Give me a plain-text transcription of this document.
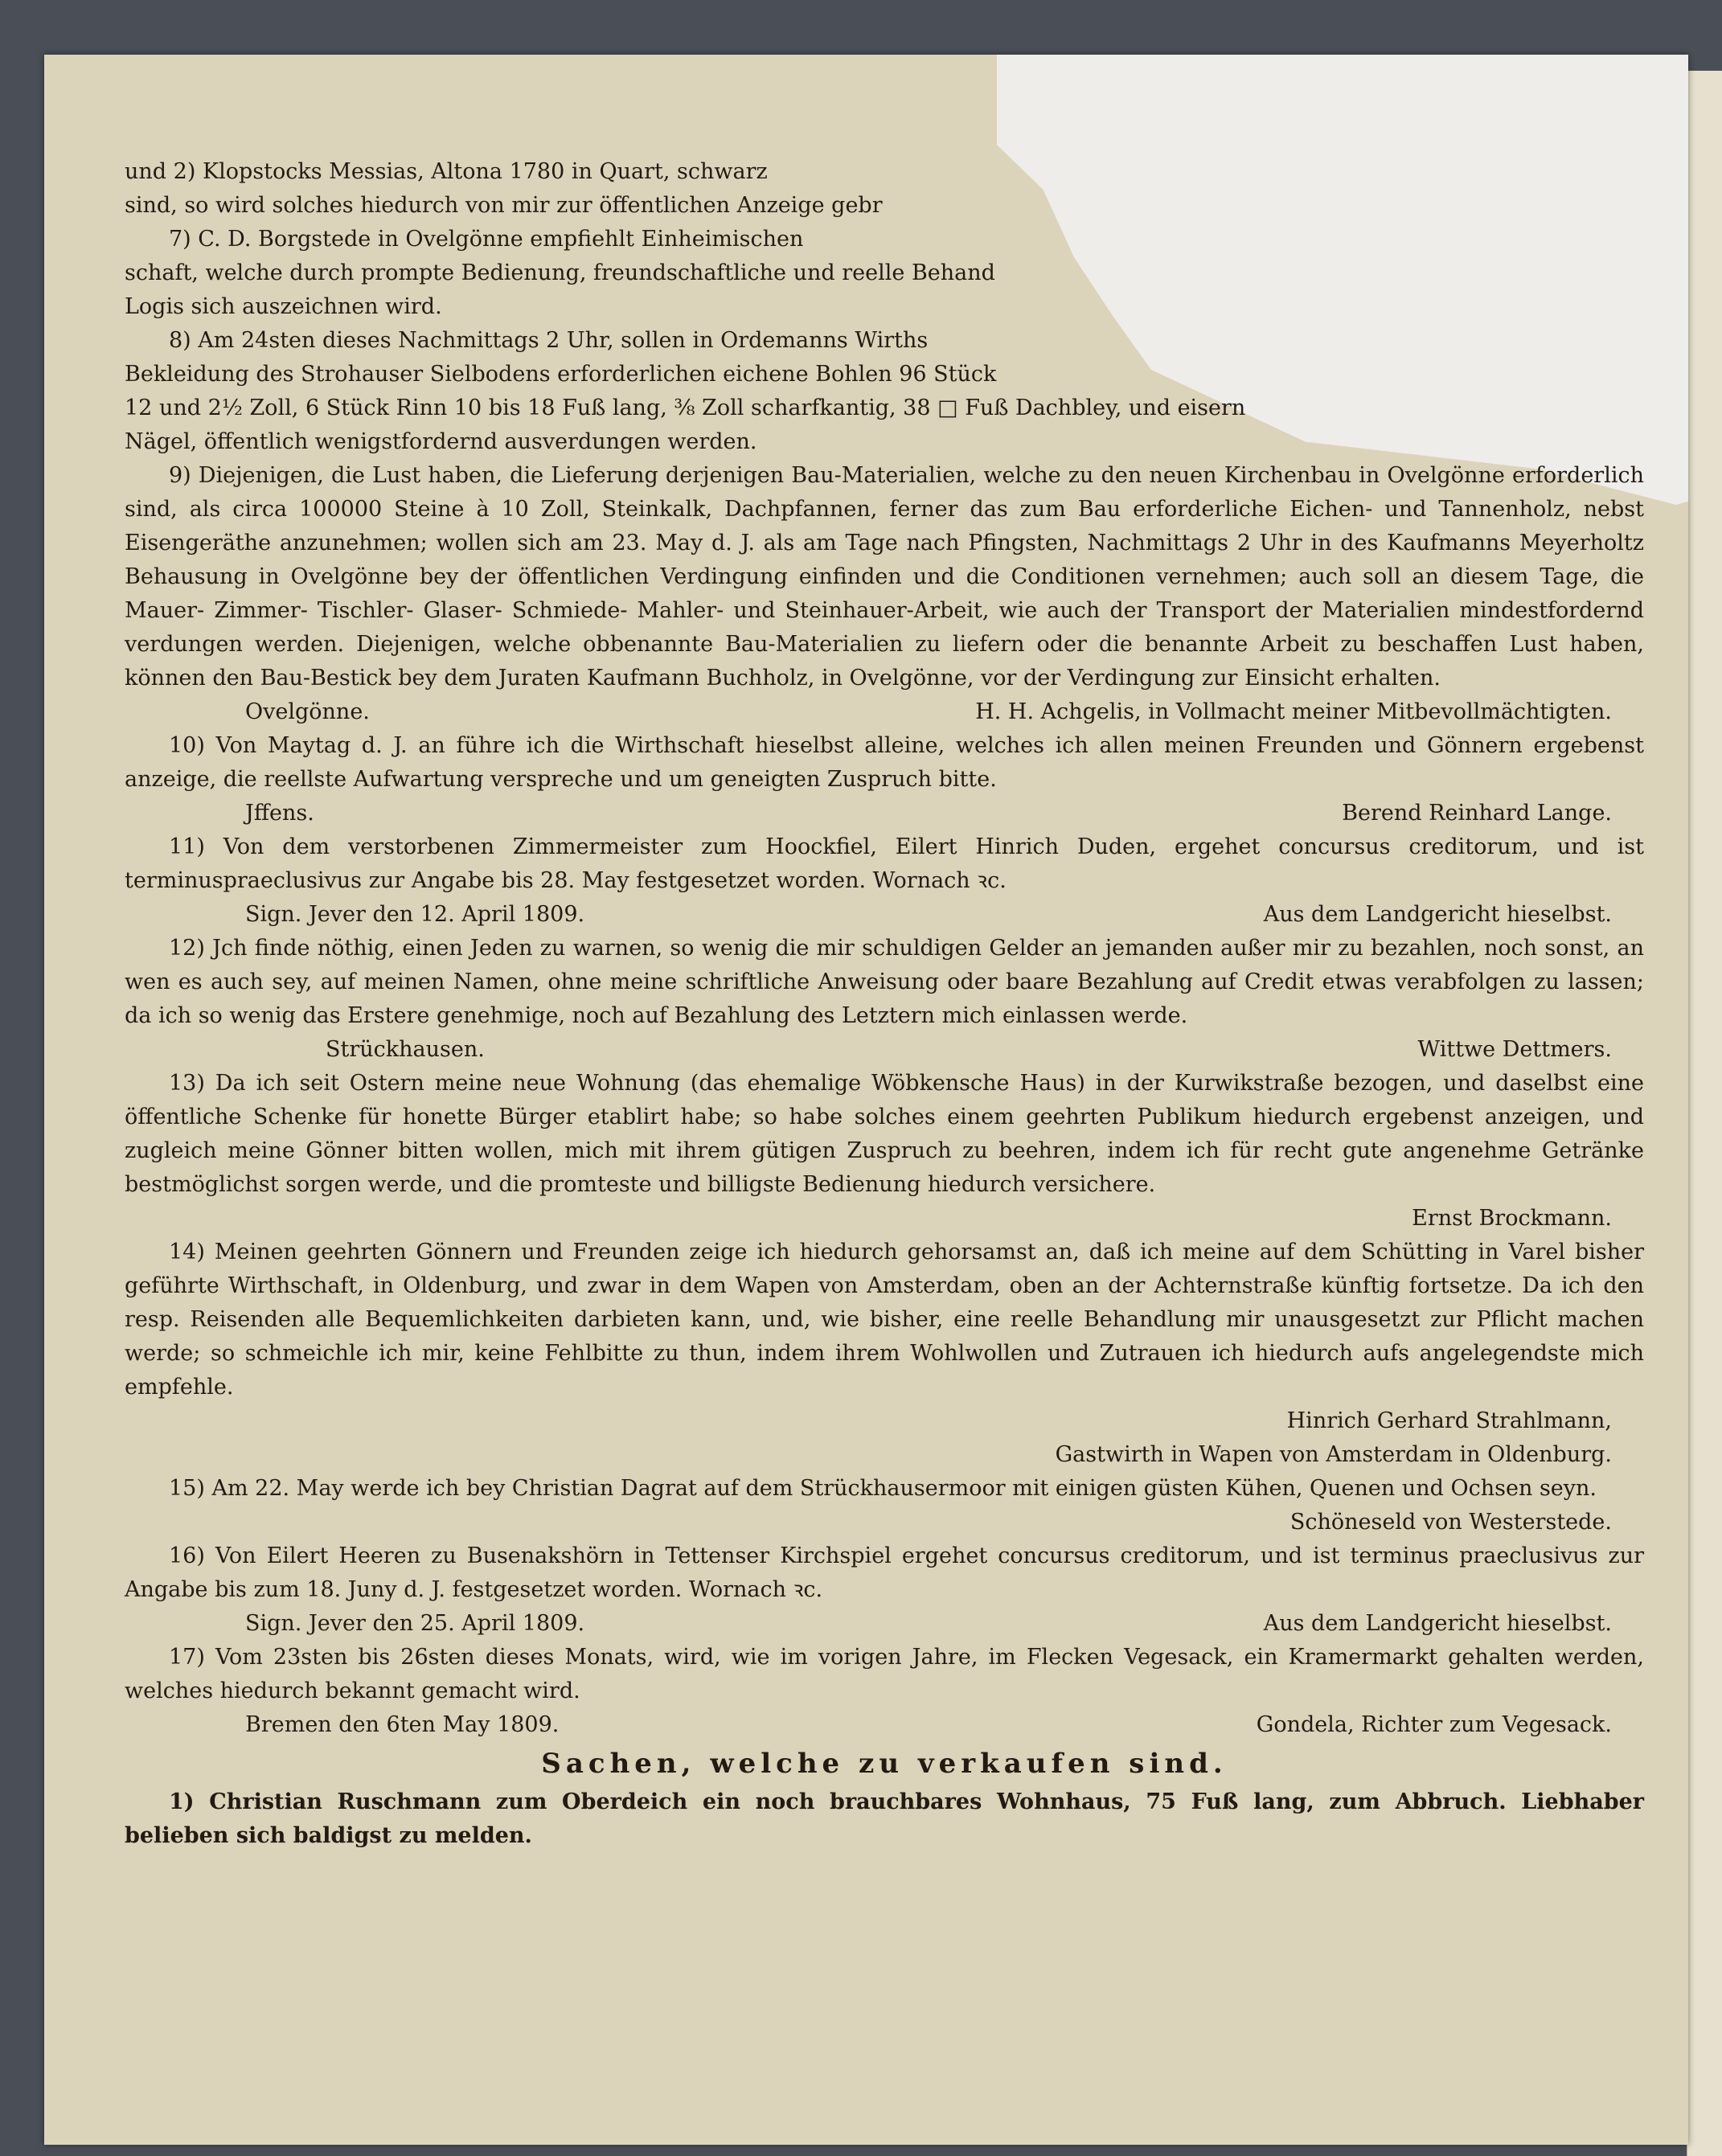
und 2) Klopstocks Messias, Altona 1780 in Quart, schwarz

sind, so wird solches hiedurch von mir zur öffentlichen Anzeige gebr

7) C. D. Borgstede in Ovelgönne empfiehlt Einheimischen

schaft, welche durch prompte Bedienung, freundschaftliche und reelle Behand

Logis sich auszeichnen wird.

8) Am 24sten dieses Nachmittags 2 Uhr, sollen in Ordemanns Wirths

Bekleidung des Strohauser Sielbodens erforderlichen eichene Bohlen 96 Stück

12 und 2½ Zoll, 6 Stück Rinn 10 bis 18 Fuß lang, ⅜ Zoll scharfkantig, 38 □ Fuß Dachbley, und eisern

Nägel, öffentlich wenigstfordernd ausverdungen werden.

9) Diejenigen, die Lust haben, die Lieferung derjenigen Bau-Materialien, welche zu den neuen Kirchenbau in Ovelgönne erforderlich sind, als circa 100000 Steine à 10 Zoll, Steinkalk, Dachpfannen, ferner das zum Bau erforderliche Eichen- und Tannenholz, nebst Eisengeräthe anzunehmen; wollen sich am 23. May d. J. als am Tage nach Pfingsten, Nachmittags 2 Uhr in des Kaufmanns Meyerholtz Behausung in Ovelgönne bey der öffentlichen Verdingung einfinden und die Conditionen vernehmen; auch soll an diesem Tage, die Mauer- Zimmer- Tischler- Glaser- Schmiede- Mahler- und Steinhauer-Arbeit, wie auch der Transport der Materialien mindestfordernd verdungen werden. Diejenigen, welche obbenannte Bau-Materialien zu liefern oder die benannte Arbeit zu beschaffen Lust haben, können den Bau-Bestick bey dem Juraten Kaufmann Buchholz, in Ovelgönne, vor der Verdingung zur Einsicht erhalten.

Ovelgönne.	H. H. Achgelis, in Vollmacht meiner Mitbevollmächtigten.

10) Von Maytag d. J. an führe ich die Wirthschaft hieselbst alleine, welches ich allen meinen Freunden und Gönnern ergebenst anzeige, die reellste Aufwartung verspreche und um geneigten Zuspruch bitte.

Jffens.	Berend Reinhard Lange.

11) Von dem verstorbenen Zimmermeister zum Hoockfiel, Eilert Hinrich Duden, ergehet concursus creditorum, und ist terminuspraeclusivus zur Angabe bis 28. May festgesetzet worden. Wornach ꝛc.

Sign. Jever den 12. April 1809.	Aus dem Landgericht hieselbst.

12) Jch finde nöthig, einen Jeden zu warnen, so wenig die mir schuldigen Gelder an jemanden außer mir zu bezahlen, noch sonst, an wen es auch sey, auf meinen Namen, ohne meine schriftliche Anweisung oder baare Bezahlung auf Credit etwas verabfolgen zu lassen; da ich so wenig das Erstere genehmige, noch auf Bezahlung des Letztern mich einlassen werde.

Strückhausen.	Wittwe Dettmers.

13) Da ich seit Ostern meine neue Wohnung (das ehemalige Wöbkensche Haus) in der Kurwikstraße bezogen, und daselbst eine öffentliche Schenke für honette Bürger etablirt habe; so habe solches einem geehrten Publikum hiedurch ergebenst anzeigen, und zugleich meine Gönner bitten wollen, mich mit ihrem gütigen Zuspruch zu beehren, indem ich für recht gute angenehme Getränke bestmöglichst sorgen werde, und die promteste und billigste Bedienung hiedurch versichere.

Ernst Brockmann.

14) Meinen geehrten Gönnern und Freunden zeige ich hiedurch gehorsamst an, daß ich meine auf dem Schütting in Varel bisher geführte Wirthschaft, in Oldenburg, und zwar in dem Wapen von Amsterdam, oben an der Achternstraße künftig fortsetze. Da ich den resp. Reisenden alle Bequemlichkeiten darbieten kann, und, wie bisher, eine reelle Behandlung mir unausgesetzt zur Pflicht machen werde; so schmeichle ich mir, keine Fehlbitte zu thun, indem ihrem Wohlwollen und Zutrauen ich hiedurch aufs angelegendste mich empfehle.

Hinrich Gerhard Strahlmann,
Gastwirth in Wapen von Amsterdam in Oldenburg.

15) Am 22. May werde ich bey Christian Dagrat auf dem Strückhausermoor mit einigen güsten Kühen, Quenen und Ochsen seyn.

Schöneseld von Westerstede.

16) Von Eilert Heeren zu Busenakshörn in Tettenser Kirchspiel ergehet concursus creditorum, und ist terminus praeclusivus zur Angabe bis zum 18. Juny d. J. festgesetzet worden. Wornach ꝛc.

Sign. Jever den 25. April 1809.	Aus dem Landgericht hieselbst.

17) Vom 23sten bis 26sten dieses Monats, wird, wie im vorigen Jahre, im Flecken Vegesack, ein Kramermarkt gehalten werden, welches hiedurch bekannt gemacht wird.

Bremen den 6ten May 1809.	Gondela, Richter zum Vegesack.

Sachen, welche zu verkaufen sind.

1) Christian Ruschmann zum Oberdeich ein noch brauchbares Wohnhaus, 75 Fuß lang, zum Abbruch. Liebhaber belieben sich baldigst zu melden.
